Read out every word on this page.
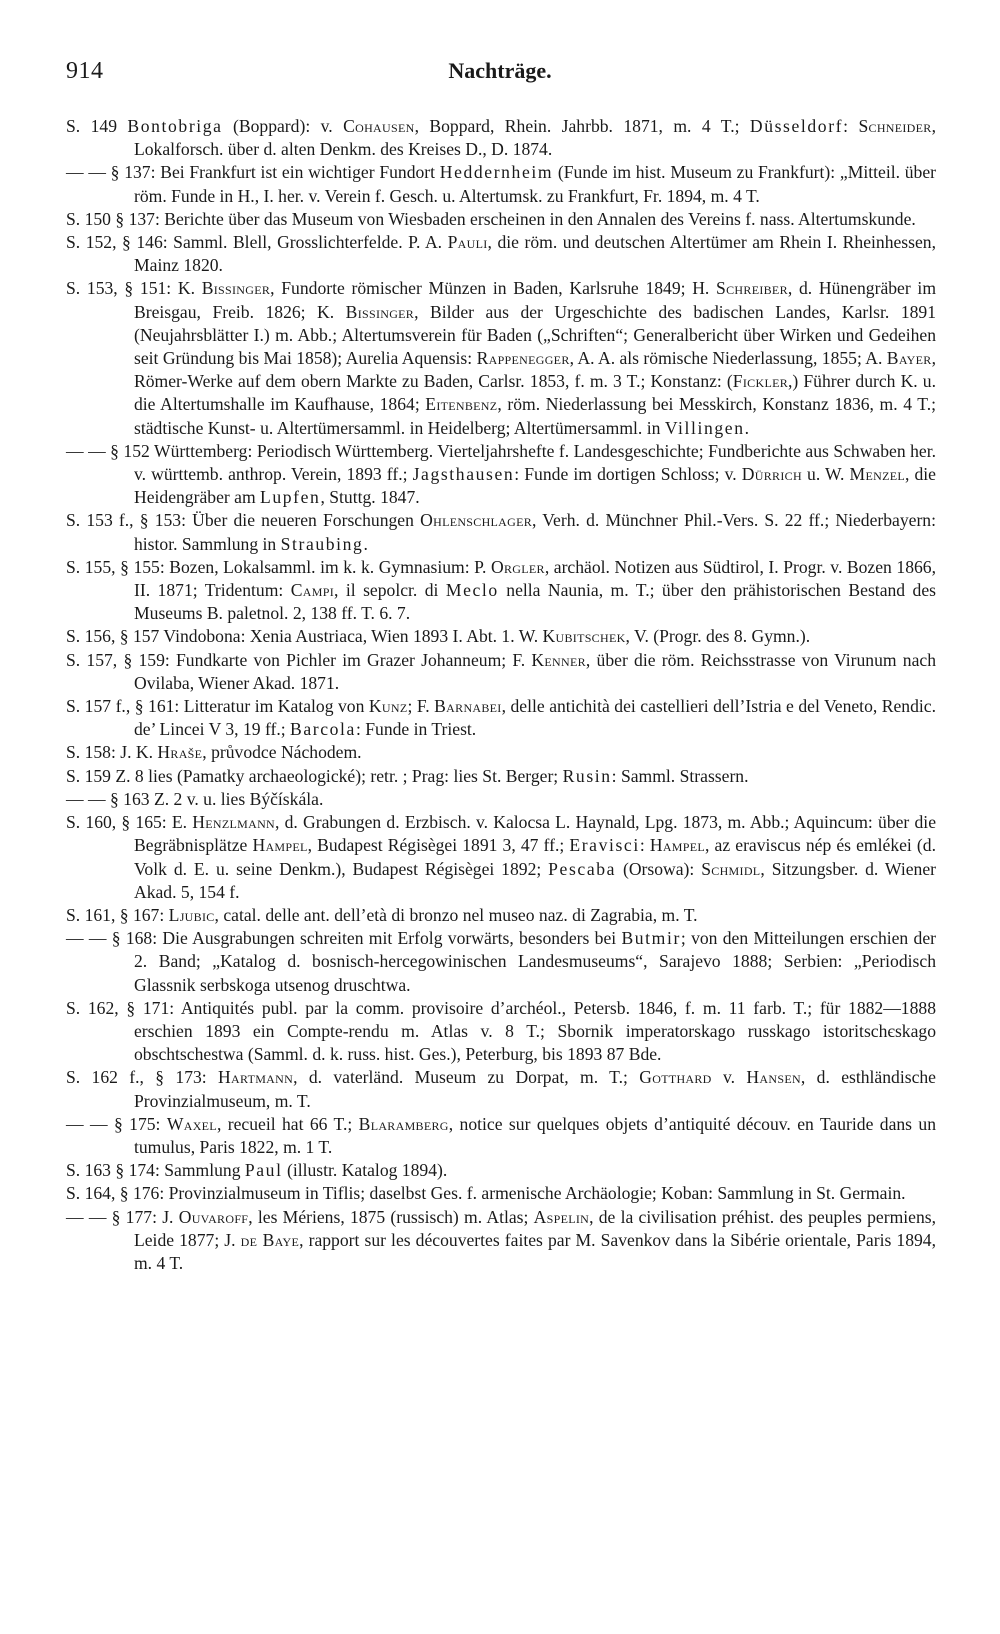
914	Nachträge.

S. 149 Bontobriga (Boppard): v. Cohausen, Boppard, Rhein. Jahrbb. 1871, m. 4 T.; Düsseldorf: Schneider, Lokalforsch. über d. alten Denkm. des Kreises D., D. 1874.

— — § 137: Bei Frankfurt ist ein wichtiger Fundort Heddernheim (Funde im hist. Museum zu Frankfurt): „Mitteil. über röm. Funde in H., I. her. v. Verein f. Gesch. u. Altertumsk. zu Frankfurt, Fr. 1894, m. 4 T.

S. 150 § 137: Berichte über das Museum von Wiesbaden erscheinen in den Annalen des Vereins f. nass. Altertumskunde.

S. 152, § 146: Samml. Blell, Grosslichterfelde. P. A. Pauli, die röm. und deutschen Altertümer am Rhein I. Rheinhessen, Mainz 1820.

S. 153, § 151: K. Bissinger, Fundorte römischer Münzen in Baden, Karlsruhe 1849; H. Schreiber, d. Hünengräber im Breisgau, Freib. 1826; K. Bissinger, Bilder aus der Urgeschichte des badischen Landes, Karlsr. 1891 (Neujahrsblätter I.) m. Abb.; Altertumsverein für Baden („Schriften“; Generalbericht über Wirken und Gedeihen seit Gründung bis Mai 1858); Aurelia Aquensis: Rappenegger, A. A. als römische Niederlassung, 1855; A. Bayer, Römer-Werke auf dem obern Markte zu Baden, Carlsr. 1853, f. m. 3 T.; Konstanz: (Fickler,) Führer durch K. u. die Altertumshalle im Kaufhause, 1864; Eitenbenz, röm. Niederlassung bei Messkirch, Konstanz 1836, m. 4 T.; städtische Kunst- u. Altertümersamml. in Heidelberg; Altertümersamml. in Villingen.

— — § 152 Württemberg: Periodisch Württemberg. Vierteljahrshefte f. Landesgeschichte; Fundberichte aus Schwaben her. v. württemb. anthrop. Verein, 1893 ff.; Jagsthausen: Funde im dortigen Schloss; v. Dürrich u. W. Menzel, die Heidengräber am Lupfen, Stuttg. 1847.

S. 153 f., § 153: Über die neueren Forschungen Ohlenschlager, Verh. d. Münchner Phil.-Vers. S. 22 ff.; Niederbayern: histor. Sammlung in Straubing.

S. 155, § 155: Bozen, Lokalsamml. im k. k. Gymnasium: P. Orgler, archäol. Notizen aus Südtirol, I. Progr. v. Bozen 1866, II. 1871; Tridentum: Campi, il sepolcr. di Meclo nella Naunia, m. T.; über den prähistorischen Bestand des Museums B. paletnol. 2, 138 ff. T. 6. 7.

S. 156, § 157 Vindobona: Xenia Austriaca, Wien 1893 I. Abt. 1. W. Kubitschek, V. (Progr. des 8. Gymn.).

S. 157, § 159: Fundkarte von Pichler im Grazer Johanneum; F. Kenner, über die röm. Reichsstrasse von Virunum nach Ovilaba, Wiener Akad. 1871.

S. 157 f., § 161: Litteratur im Katalog von Kunz; F. Barnabei, delle antichità dei castellieri dell’Istria e del Veneto, Rendic. de’ Lincei V 3, 19 ff.; Barcola: Funde in Triest.

S. 158: J. K. Hraše, průvodce Náchodem.

S. 159 Z. 8 lies (Pamatky archaeologické); retr. ; Prag: lies St. Berger; Rusin: Samml. Strassern.

— — § 163 Z. 2 v. u. lies Býčískála.

S. 160, § 165: E. Henzlmann, d. Grabungen d. Erzbisch. v. Kalocsa L. Haynald, Lpg. 1873, m. Abb.; Aquincum: über die Begräbnisplätze Hampel, Budapest Régisègei 1891 3, 47 ff.; Eravisci: Hampel, az eraviscus nép és emlékei (d. Volk d. E. u. seine Denkm.), Budapest Régisègei 1892; Pescaba (Orsowa): Schmidl, Sitzungsber. d. Wiener Akad. 5, 154 f.

S. 161, § 167: Ljubic, catal. delle ant. dell’età di bronzo nel museo naz. di Zagrabia, m. T.

— — § 168: Die Ausgrabungen schreiten mit Erfolg vorwärts, besonders bei Butmir; von den Mitteilungen erschien der 2. Band; „Katalog d. bosnisch-hercegowinischen Landesmuseums“, Sarajevo 1888; Serbien: „Periodisch Glassnik serbskoga utsenog druschtwa.

S. 162, § 171: Antiquités publ. par la comm. provisoire d’archéol., Petersb. 1846, f. m. 11 farb. T.; für 1882—1888 erschien 1893 ein Compte-rendu m. Atlas v. 8 T.; Sbornik imperatorskago russkago istoritschєskago obschtschestwa (Samml. d. k. russ. hist. Ges.), Peterburg, bis 1893 87 Bde.

S. 162 f., § 173: Hartmann, d. vaterländ. Museum zu Dorpat, m. T.; Gotthard v. Hansen, d. esthländische Provinzialmuseum, m. T.

— — § 175: Waxel, recueil hat 66 T.; Blaramberg, notice sur quelques objets d’antiquité découv. en Tauride dans un tumulus, Paris 1822, m. 1 T.

S. 163 § 174: Sammlung Paul (illustr. Katalog 1894).

S. 164, § 176: Provinzialmuseum in Tiflis; daselbst Ges. f. armenische Archäologie; Koban: Sammlung in St. Germain.

— — § 177: J. Ouvaroff, les Mériens, 1875 (russisch) m. Atlas; Aspelin, de la civilisation préhist. des peuples permiens, Leide 1877; J. de Baye, rapport sur les découvertes faites par M. Savenkov dans la Sibérie orientale, Paris 1894, m. 4 T.
